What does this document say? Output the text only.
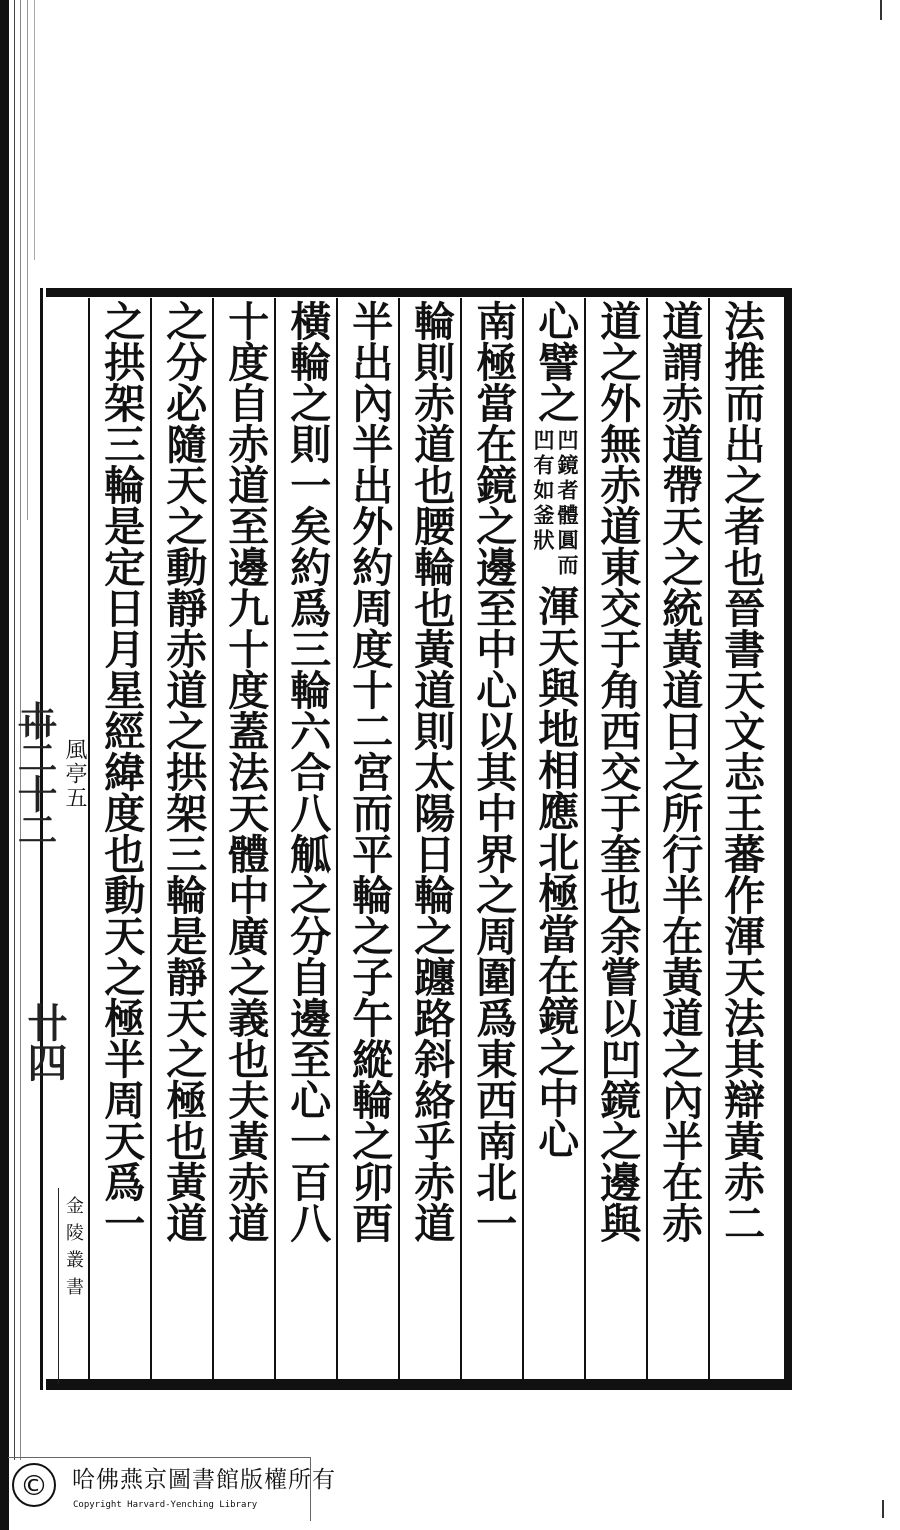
𠦃二十二 風亭五
卄四
金陵叢書
法推而出之者也晉書天文志王蕃作渾天法其辯黃赤二
道謂赤道帶天之統黃道日之所行半在黃道之內半在赤
道之外無赤道東交于角西交于奎也余嘗以凹鏡之邊與
心譬之
凹鏡者體圓而
凹有如釜狀
渾天與地相應北極當在鏡之中心
南極當在鏡之邊至中心以其中界之周圍爲東西南北一
輪則赤道也腰輪也黃道則太陽日輪之躔路斜絡乎赤道
半出內半出外約周度十二宮而平輪之子午縱輪之卯酉
橫輪之則一矣約爲三輪六合八觚之分自邊至心一百八
十度自赤道至邊九十度蓋法天體中廣之義也夫黃赤道
之分必隨天之動靜赤道之拱架三輪是靜天之極也黃道
之拱架三輪是定日月星經緯度也動天之極半周天爲一
©	哈佛燕京圖書館版權所有
Copyright Harvard-Yenching Library
